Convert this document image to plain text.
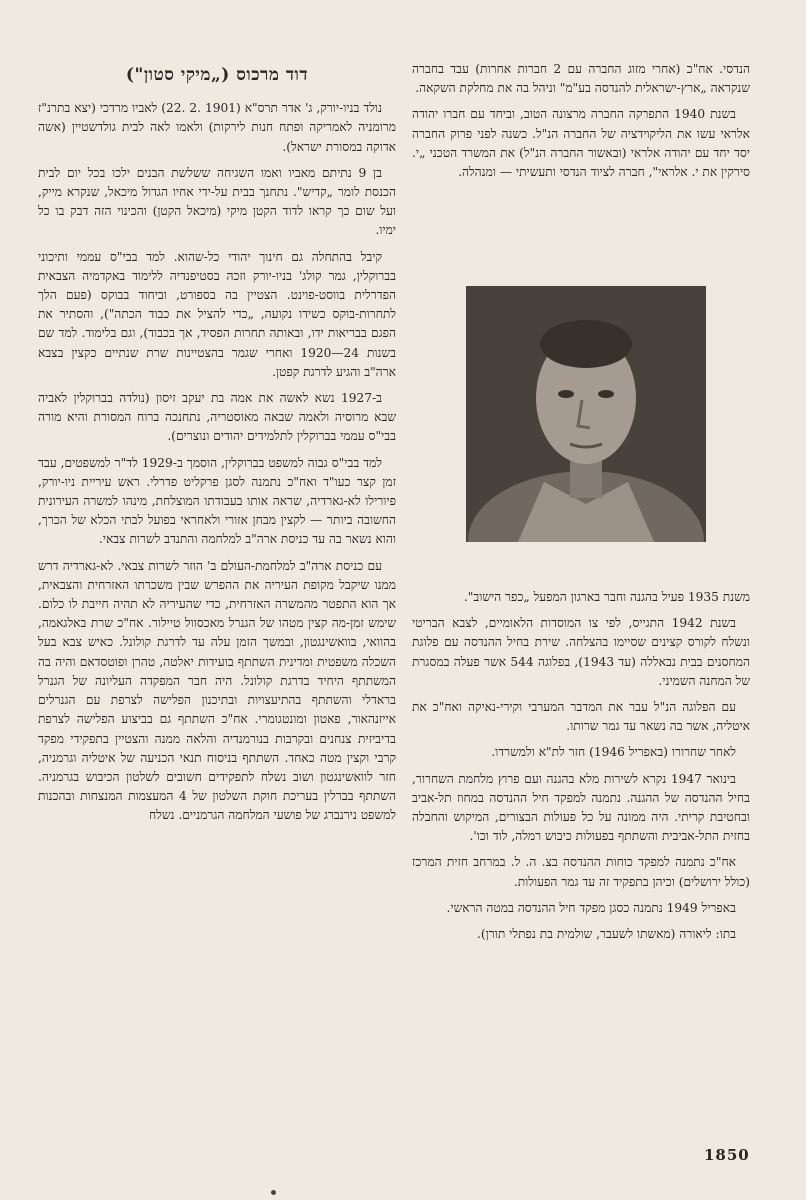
הנדסי. אח"כ (אחרי מזוג החברה עם 2 חברות אחרות) עבד בחברה שנקראה „ארץ-ישראלית להנדסה בע"מ" וניהל בה את מחלקת השקאה.

בשנת 1940 התפרקה החברה מרצונה הטוב, וביחד עם חברו יהודה אלראי עשו את הליקוידציה של החברה הנ"ל. כשנה לפני פרוק החברה יסד יחד עם יהודה אלראי (ובאשור החברה הנ"ל) את המשרד הטכני „י. סירקין את י. אלראי", חברה לציוד הנדסי ותעשיתי — ומנהלה.

משנת 1935 פעיל בהגנה וחבר בארגון המפעל „כפר הישוב".

בשנת 1942 התגייס, לפי צו המוסדות הלאומיים, לצבא הבריטי ונשלח לקורס קצינים שסיימו בהצלחה. שירת בחיל ההנדסה עם פלוגת המחסנים בבית נבאללה (עד 1943), בפלוגה 544 אשר פעלה במסגרת של המחנה השמיני.

עם הפלוגה הנ"ל עבר את המדבר המערבי וקירי-נאיקה ואח"כ את איטליה, אשר בה נשאר עד גמר שרותו.

לאחר שחרורו (באפריל 1946) חזר לת"א ולמשרדו.

בינואר 1947 נקרא לשירות מלא בהגנה ועם פרוץ מלחמת השחרור, בחיל ההנדסה של ההגנה. נתמנה למפקד חיל ההנדסה במחוז תל-אביב ובחטיבת קריתי. היה ממונה על כל פעולות הבצורים, המיקוש והחבלה בחזית התל-אביבית והשתתף בפעולות כיבוש רמלה, לוד וכו'.

אח"כ נתמנה למפקד כוחות ההנדסה בצ. ה. ל. במרחב חזית המרכז (כולל ירושלים) וכיהן בתפקיד זה עד גמר הפעולות.

באפריל 1949 נתמנה כסגן מפקד חיל ההנדסה במטה הראשי.

בתו: ליאורה (מאשתו לשעבר, שולמית בת נפתלי תורן).

דוד מרכוס („מיקי סטון")

נולד בניו-יורק, ג' אדר תרס"א (1901 .2 .22) לאביו מרדכי (יצא בתרנ"ז מרומניה לאמריקה ופתח חנות לירקות) ולאמו לאה לבית גולדשטיין (אשה אדוקה במסורת ישראל).

בן 9 נתיתם מאביו ואמו השגיחה ששלשת הבנים ילכו בכל יום לבית הכנסת לומר „קדיש". נתחנך בבית על-ידי אחיו הגדול מיכאל, שנקרא מייק, ועל שום כך קראו לדוד הקטן מיקי (מיכאל הקטן) והכינוי הזה דבק בו כל ימיו.

קיבל בהתחלה גם חינוך יהודי כל-שהוא. למד בבי"ס עממי ותיכוני בברוקלין, גמר קולג' בניו-יורק וזכה בסטיפנדיה ללימוד באקדמיה הצבאית הפדרלית בווסט-פוינט. הצטיין בה בספורט, וביחוד בבוקס (פעם הלך לתחרות-בוקס כשידו נקועה, „כדי להציל את כבוד הכתה"), והסתיר את הפגם בבריאות ידו, ובאותה תחרות הפסיד, אך בכבוד), וגם בלימוד. למד שם בשנות 24—1920 ואחרי שגמר בהצטיינות שרת שנתיים כקצין בצבא ארה"ב והגיע לדרגת קפטן.

ב-1927 נשא לאשה את אמה בת יעקב זיסון (נולדה בברוקלין לאביה שבא מרוסיה ולאמה שבאה מאוסטריה, נתחנכה ברוח המסורת והיא מורה בבי"ס עממי בברוקלין לתלמידים יהודים ונוצרים).

למד בבי"ס גבוה למשפט בברוקלין, הוסמך ב-1929 לד"ר למשפטים, עבד זמן קצר כעו"ד ואח"כ נתמנה לסגן פרקליט פדרלי. ראש עיריית ניו-יורק, פיורילו לא-גארדיה, שראה אותו בעבודתו המוצלחת, מינהו למשרה העירונית החשובה ביותר — לקצין מבחן אזורי ולאחראי בפועל לבתי הכלא של הכרך, והוא נשאר בה עד כניסת ארה"ב למלחמה והתנדב לשרות צבאי.

עם כניסת ארה"ב למלחמת-העולם ב' הוזר לשרות צבאי. לא-גארדיה דרש ממנו שיקבל מקופת העיריה את ההפרש שבין משכרתו האזרחית והצבאית, אך הוא התפטר מהמשרה האזרחית, כדי שהעיריה לא תהיה חייבת לו כלום. שימש זמן-מה קצין מטהו של הגנרל מאכסוול טיילור. אח"כ שרת באלגאמה, בהוואי, בוואשינגטון, ובמשך הזמן עלה עד לדרגת קולונל. כאיש צבא בעל השכלה משפטית ומדינית השתתף בועידות יאלטה, טהרן ופוטסדאם והיה בה המשתתף היחיד בדרגת קולונל. היה חבר המפקדה העליונה של הגנרל בראדלי והשתתף בהתיעצויות ובתיכנון הפלישה לצרפת עם הגנרלים אייזנהאור, פאטון ומונטגומרי. אח"כ השתתף גם בביצוע הפלישה לצרפת בדיביזית צנחנים ובקרבות בנורמנדיה והלאה ממנה והצטיין בתפקידי מפקד קרבי וקצין מטה כאחד. השתתף בניסוח תנאי הכניעה של איטליה וגרמניה, חזר לוואשינגטון ושוב נשלח לתפקידים חשובים לשלטון הכיבוש בגרמניה. השתתף בברלין בעריכת חוקת השלטון של 4 המעצמות המנצחות ובהכנות למשפט נירנברג של פושעי המלחמה הגרמניים. נשלח

1850
